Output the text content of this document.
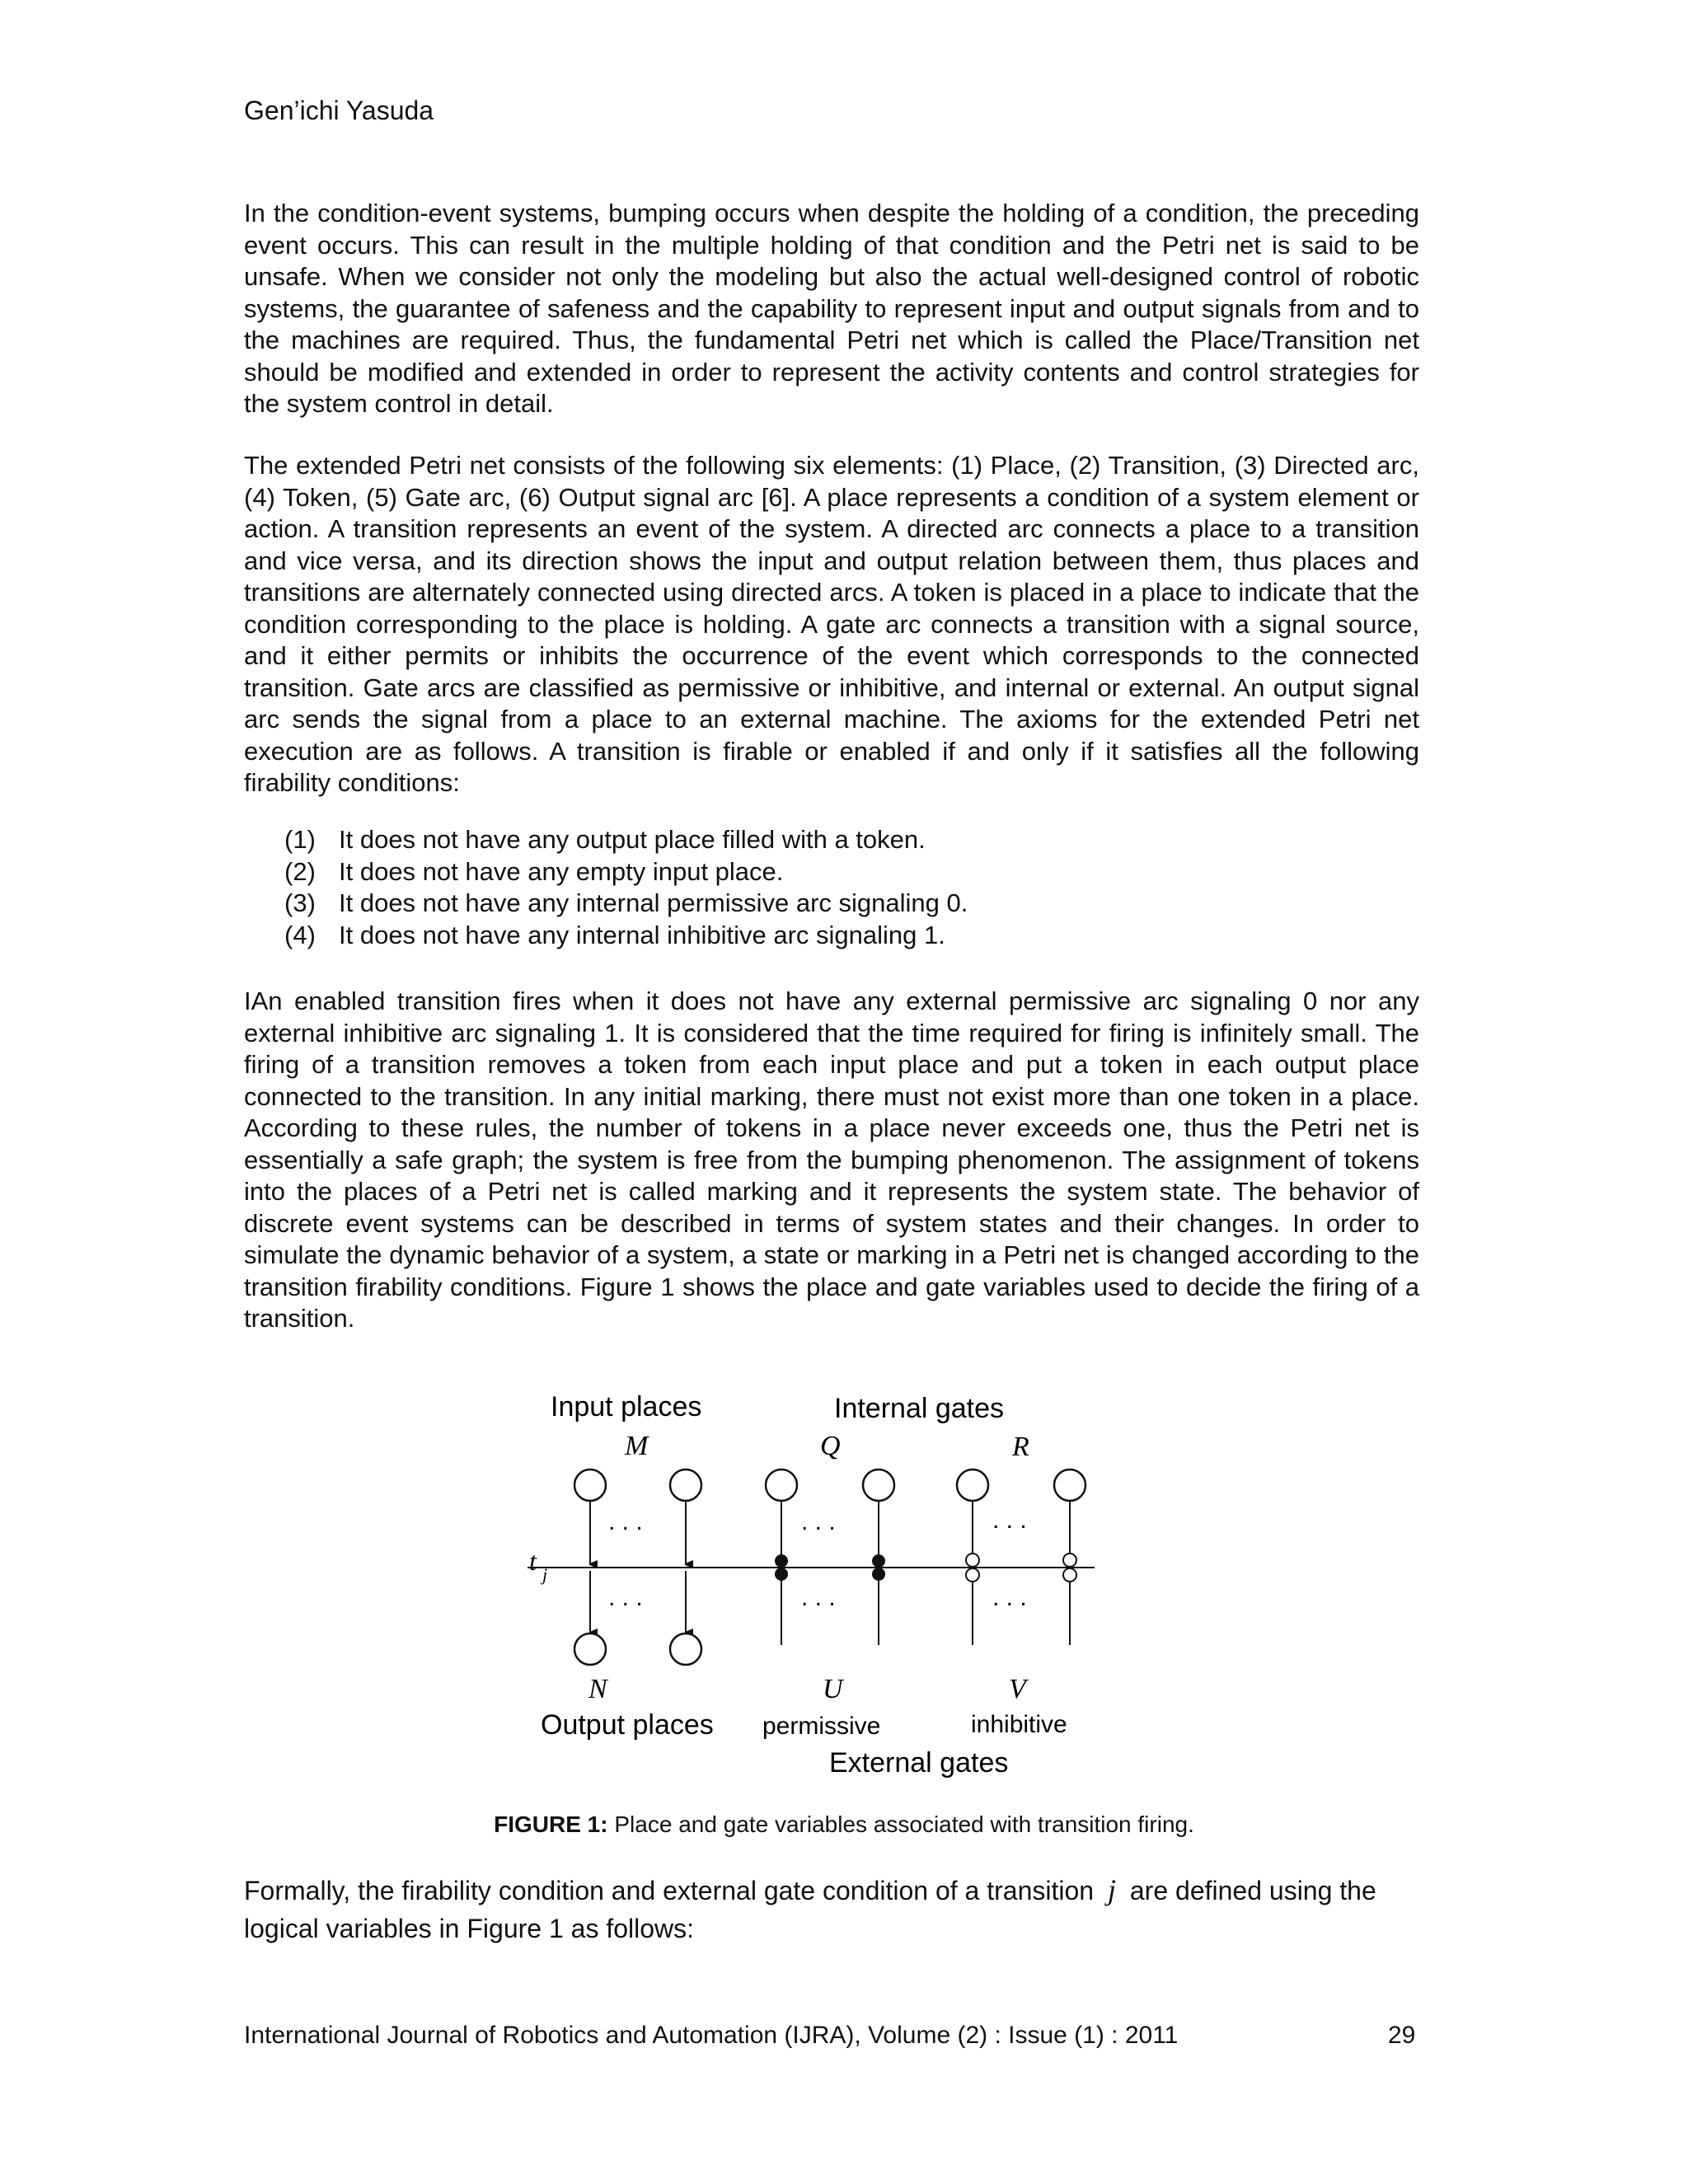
Gen’ichi Yasuda

In the condition-event systems, bumping occurs when despite the holding of a condition, the preceding event occurs. This can result in the multiple holding of that condition and the Petri net is said to be unsafe. When we consider not only the modeling but also the actual well-designed control of robotic systems, the guarantee of safeness and the capability to represent input and output signals from and to the machines are required. Thus, the fundamental Petri net which is called the Place/Transition net should be modified and extended in order to represent the activity contents and control strategies for the system control in detail.

The extended Petri net consists of the following six elements: (1) Place, (2) Transition, (3) Directed arc, (4) Token, (5) Gate arc, (6) Output signal arc [6]. A place represents a condition of a system element or action. A transition represents an event of the system. A directed arc connects a place to a transition and vice versa, and its direction shows the input and output relation between them, thus places and transitions are alternately connected using directed arcs. A token is placed in a place to indicate that the condition corresponding to the place is holding. A gate arc connects a transition with a signal source, and it either permits or inhibits the occurrence of the event which corresponds to the connected transition. Gate arcs are classified as permissive or inhibitive, and internal or external. An output signal arc sends the signal from a place to an external machine. The axioms for the extended Petri net execution are as follows. A transition is firable or enabled if and only if it satisfies all the following firability conditions:

(1) It does not have any output place filled with a token.
(2) It does not have any empty input place.
(3) It does not have any internal permissive arc signaling 0.
(4) It does not have any internal inhibitive arc signaling 1.

IAn enabled transition fires when it does not have any external permissive arc signaling 0 nor any external inhibitive arc signaling 1. It is considered that the time required for firing is infinitely small. The firing of a transition removes a token from each input place and put a token in each output place connected to the transition. In any initial marking, there must not exist more than one token in a place. According to these rules, the number of tokens in a place never exceeds one, thus the Petri net is essentially a safe graph; the system is free from the bumping phenomenon. The assignment of tokens into the places of a Petri net is called marking and it represents the system state. The behavior of discrete event systems can be described in terms of system states and their changes. In order to simulate the dynamic behavior of a system, a state or marking in a Petri net is changed according to the transition firability conditions. Figure 1 shows the place and gate variables used to decide the firing of a transition.

Input places	Internal gates
M	Q	R
t j
. . .
. . .
. . .
. . .
. . .
. . .
N	U	V
Output places permissive	inhibitive
External gates
FIGURE 1: Place and gate variables associated with transition firing.

Formally, the firability condition and external gate condition of a transition j are defined using the logical variables in Figure 1 as follows:

International Journal of Robotics and Automation (IJRA), Volume (2) : Issue (1) : 2011	29
